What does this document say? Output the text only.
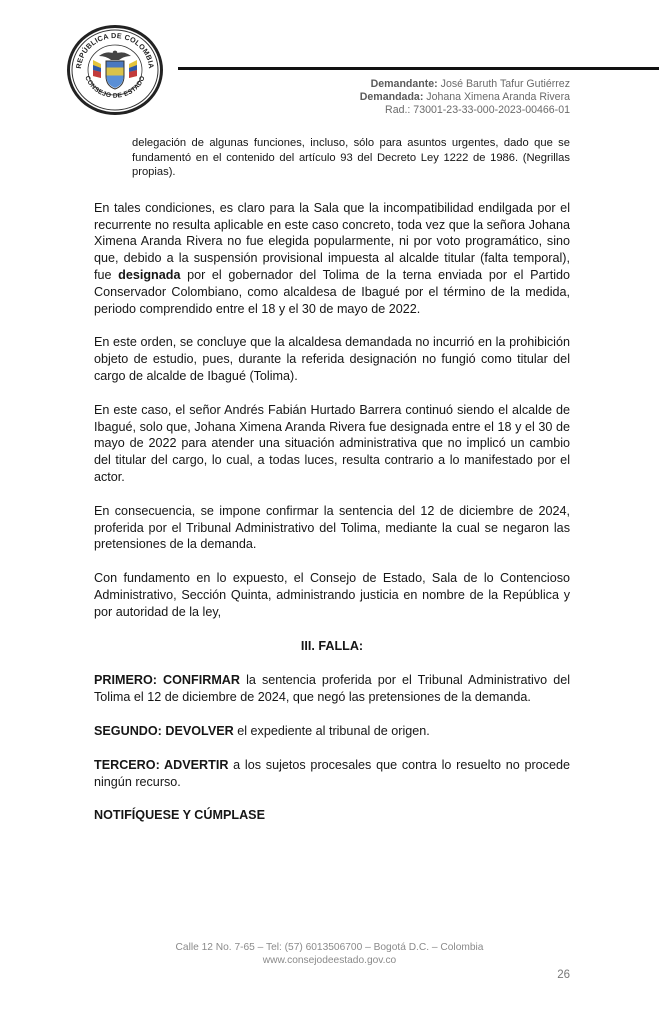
REPÚBLICA DE COLOMBIA
CONSEJO DE ESTADO	Demandante: José Baruth Tafur Gutiérrez
Demandada: Johana Ximena Aranda Rivera
Rad.: 73001-23-33-000-2023-00466-01
delegación de algunas funciones, incluso, sólo para asuntos urgentes, dado que se fundamentó en el contenido del artículo 93 del Decreto Ley 1222 de 1986. (Negrillas propias).

En tales condiciones, es claro para la Sala que la incompatibilidad endilgada por el recurrente no resulta aplicable en este caso concreto, toda vez que la señora Johana Ximena Aranda Rivera no fue elegida popularmente, ni por voto programático, sino que, debido a la suspensión provisional impuesta al alcalde titular (falta temporal), fue designada por el gobernador del Tolima de la terna enviada por el Partido Conservador Colombiano, como alcaldesa de Ibagué por el término de la medida, periodo comprendido entre el 18 y el 30 de mayo de 2022.

En este orden, se concluye que la alcaldesa demandada no incurrió en la prohibición objeto de estudio, pues, durante la referida designación no fungió como titular del cargo de alcalde de Ibagué (Tolima).

En este caso, el señor Andrés Fabián Hurtado Barrera continuó siendo el alcalde de Ibagué, solo que, Johana Ximena Aranda Rivera fue designada entre el 18 y el 30 de mayo de 2022 para atender una situación administrativa que no implicó un cambio del titular del cargo, lo cual, a todas luces, resulta contrario a lo manifestado por el actor.

En consecuencia, se impone confirmar la sentencia del 12 de diciembre de 2024, proferida por el Tribunal Administrativo del Tolima, mediante la cual se negaron las pretensiones de la demanda.

Con fundamento en lo expuesto, el Consejo de Estado, Sala de lo Contencioso Administrativo, Sección Quinta, administrando justicia en nombre de la República y por autoridad de la ley,

III. FALLA:

PRIMERO: CONFIRMAR la sentencia proferida por el Tribunal Administrativo del Tolima el 12 de diciembre de 2024, que negó las pretensiones de la demanda.

SEGUNDO: DEVOLVER el expediente al tribunal de origen.

TERCERO: ADVERTIR a los sujetos procesales que contra lo resuelto no procede ningún recurso.

NOTIFÍQUESE Y CÚMPLASE
Calle 12 No. 7-65 – Tel: (57) 6013506700 – Bogotá D.C. – Colombia
www.consejodeestado.gov.co
26
